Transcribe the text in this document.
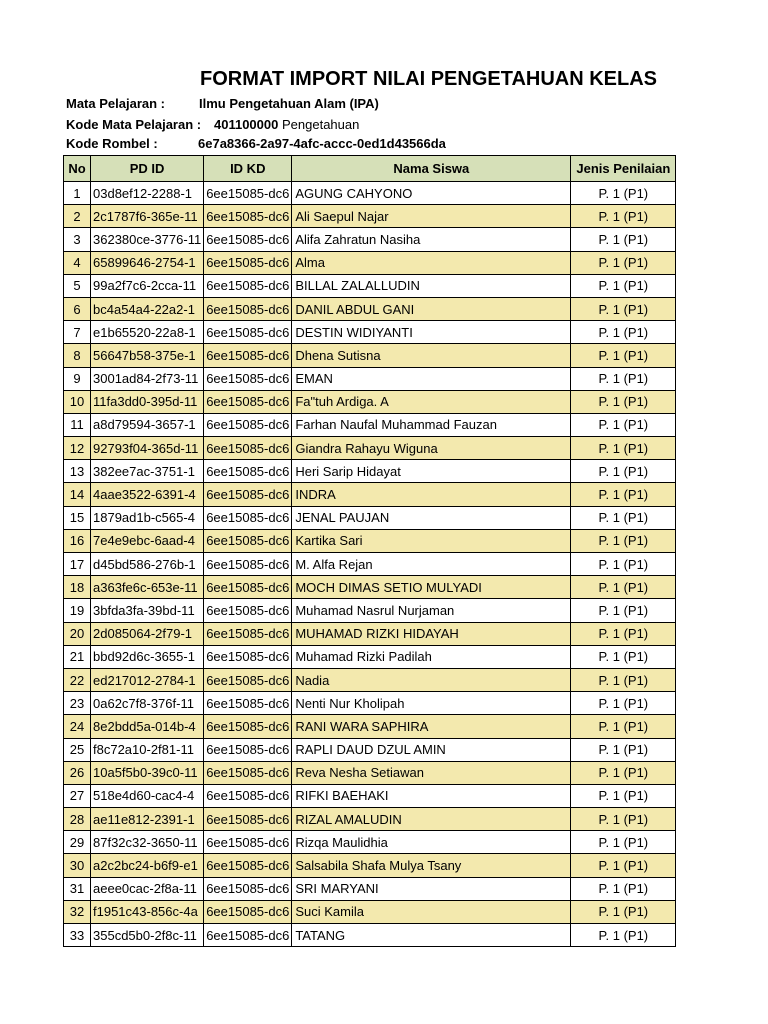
FORMAT IMPORT NILAI PENGETAHUAN KELAS
Mata Pelajaran :	Ilmu Pengetahuan Alam (IPA)
Kode Mata Pelajaran : 401100000 Pengetahuan
Kode Rombel :	6e7a8366-2a97-4afc-accc-0ed1d43566da
No	PD ID	ID KD	Nama Siswa	Jenis Penilaian
1	03d8ef12-2288-1	6ee15085-dc6	AGUNG CAHYONO	P. 1 (P1)
2	2c1787f6-365e-11	6ee15085-dc6	Ali Saepul Najar	P. 1 (P1)
3	362380ce-3776-11	6ee15085-dc6	Alifa Zahratun Nasiha	P. 1 (P1)
4	65899646-2754-1	6ee15085-dc6	Alma	P. 1 (P1)
5	99a2f7c6-2cca-11	6ee15085-dc6	BILLAL ZALALLUDIN	P. 1 (P1)
6	bc4a54a4-22a2-1	6ee15085-dc6	DANIL ABDUL GANI	P. 1 (P1)
7	e1b65520-22a8-1	6ee15085-dc6	DESTIN WIDIYANTI	P. 1 (P1)
8	56647b58-375e-1	6ee15085-dc6	Dhena Sutisna	P. 1 (P1)
9	3001ad84-2f73-11	6ee15085-dc6	EMAN	P. 1 (P1)
10	11fa3dd0-395d-11	6ee15085-dc6	Fa"tuh Ardiga. A	P. 1 (P1)
11	a8d79594-3657-1	6ee15085-dc6	Farhan Naufal Muhammad Fauzan	P. 1 (P1)
12	92793f04-365d-11	6ee15085-dc6	Giandra Rahayu Wiguna	P. 1 (P1)
13	382ee7ac-3751-1	6ee15085-dc6	Heri Sarip Hidayat	P. 1 (P1)
14	4aae3522-6391-4	6ee15085-dc6	INDRA	P. 1 (P1)
15	1879ad1b-c565-4	6ee15085-dc6	JENAL PAUJAN	P. 1 (P1)
16	7e4e9ebc-6aad-4	6ee15085-dc6	Kartika Sari	P. 1 (P1)
17	d45bd586-276b-1	6ee15085-dc6	M. Alfa Rejan	P. 1 (P1)
18	a363fe6c-653e-11	6ee15085-dc6	MOCH DIMAS SETIO MULYADI	P. 1 (P1)
19	3bfda3fa-39bd-11	6ee15085-dc6	Muhamad Nasrul Nurjaman	P. 1 (P1)
20	2d085064-2f79-1	6ee15085-dc6	MUHAMAD RIZKI HIDAYAH	P. 1 (P1)
21	bbd92d6c-3655-1	6ee15085-dc6	Muhamad Rizki Padilah	P. 1 (P1)
22	ed217012-2784-1	6ee15085-dc6	Nadia	P. 1 (P1)
23	0a62c7f8-376f-11	6ee15085-dc6	Nenti Nur Kholipah	P. 1 (P1)
24	8e2bdd5a-014b-4	6ee15085-dc6	RANI WARA SAPHIRA	P. 1 (P1)
25	f8c72a10-2f81-11	6ee15085-dc6	RAPLI DAUD DZUL AMIN	P. 1 (P1)
26	10a5f5b0-39c0-11	6ee15085-dc6	Reva Nesha Setiawan	P. 1 (P1)
27	518e4d60-cac4-4	6ee15085-dc6	RIFKI BAEHAKI	P. 1 (P1)
28	ae11e812-2391-1	6ee15085-dc6	RIZAL AMALUDIN	P. 1 (P1)
29	87f32c32-3650-11	6ee15085-dc6	Rizqa Maulidhia	P. 1 (P1)
30	a2c2bc24-b6f9-e1	6ee15085-dc6	Salsabila Shafa Mulya Tsany	P. 1 (P1)
31	aeee0cac-2f8a-11	6ee15085-dc6	SRI MARYANI	P. 1 (P1)
32	f1951c43-856c-4a	6ee15085-dc6	Suci Kamila	P. 1 (P1)
33	355cd5b0-2f8c-11	6ee15085-dc6	TATANG	P. 1 (P1)
